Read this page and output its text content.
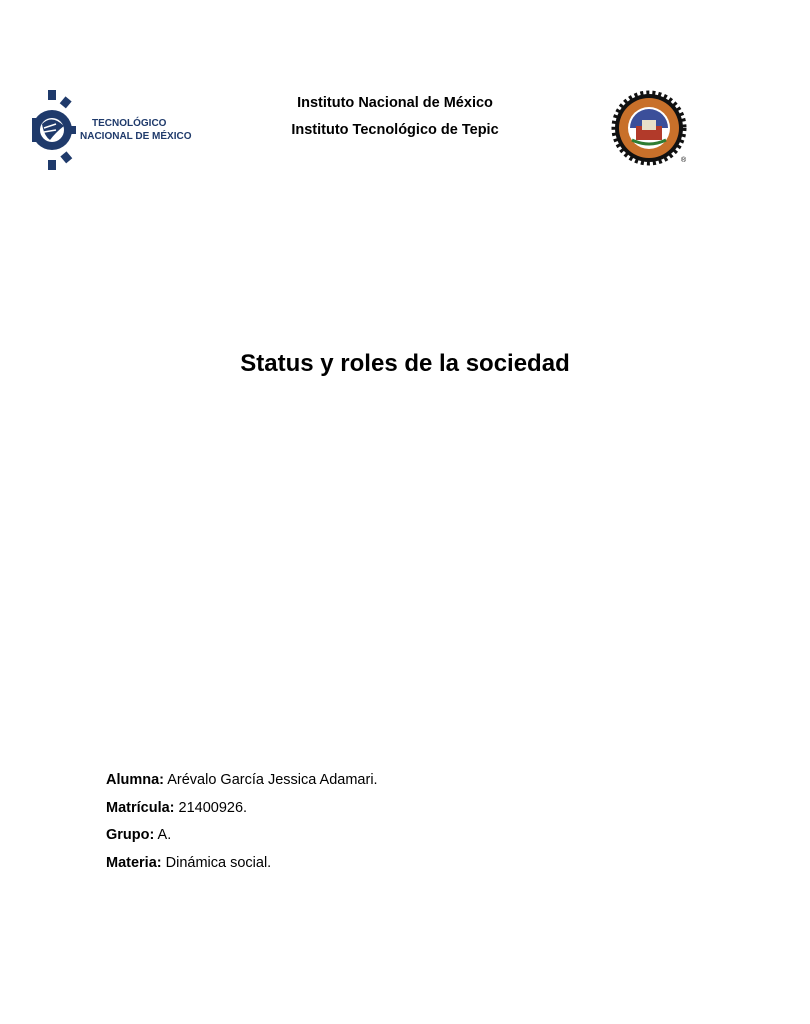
TECNOLÓGICO
NACIONAL DE MÉXICO
Instituto Nacional de México
Instituto Tecnológico de Tepic
®
Status y roles de la sociedad
Alumna: Arévalo García Jessica Adamari.
Matrícula: 21400926.
Grupo: A.
Materia: Dinámica social.
